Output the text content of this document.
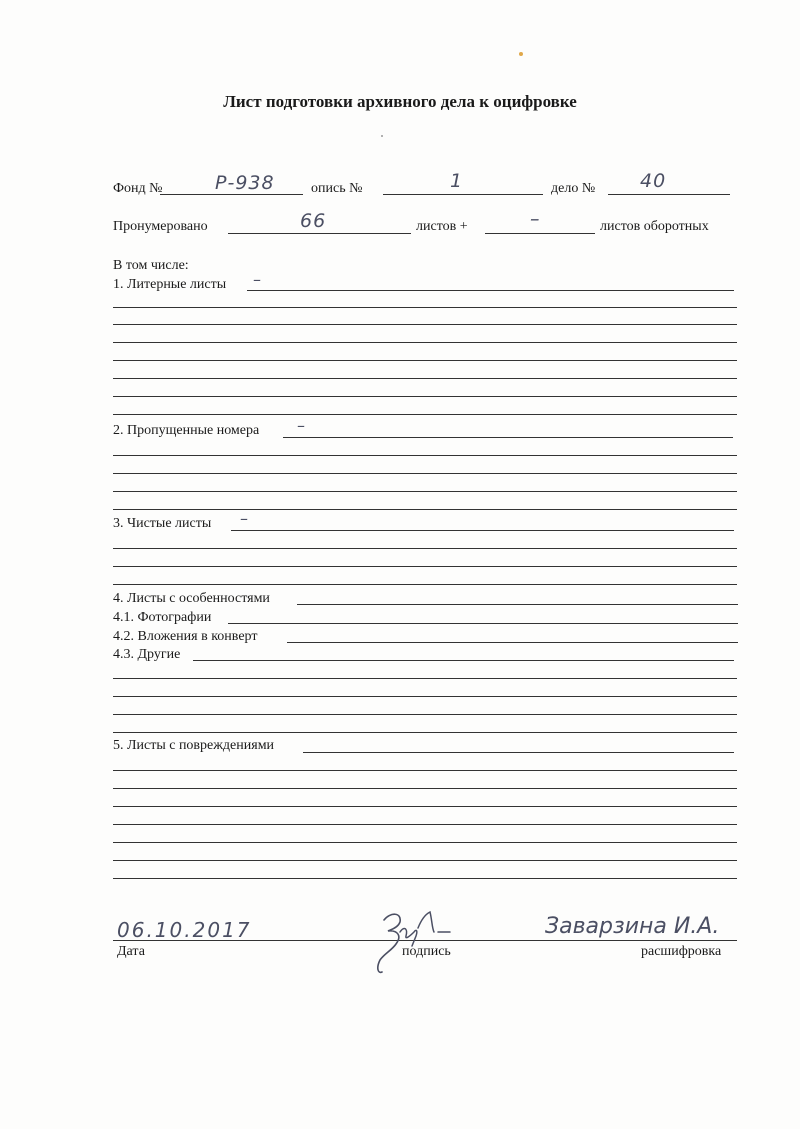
Лист подготовки архивного дела к оцифровке
Фонд №	Р-938	опись №	1	дело № 40
Пронумеровано	66	листов +	–	листов оборотных
В том числе:
1. Литерные листы –
2. Пропущенные номера –
3. Чистые листы –
4. Листы с особенностями
4.1. Фотографии
4.2. Вложения в конверт
4.3. Другие
5. Листы с повреждениями
06.10.2017
Дата	подпись
Заварзина И.А.
расшифровка
